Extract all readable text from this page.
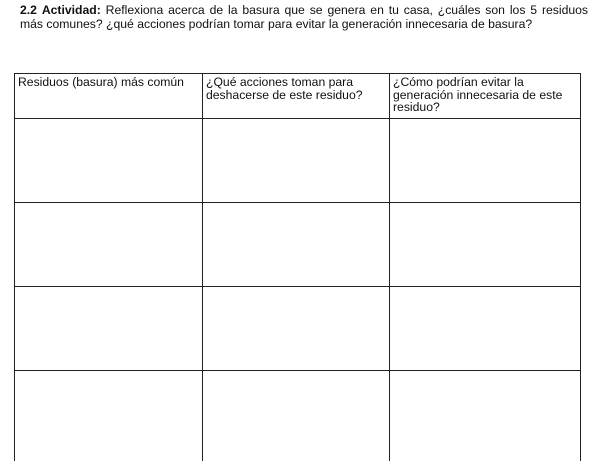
2.2 Actividad: Reflexiona acerca de la basura que se genera en tu casa, ¿cuáles son los 5 residuos más comunes? ¿qué acciones podrían tomar para evitar la generación innecesaria de basura?
Residuos (basura) más común	¿Qué acciones toman para deshacerse de este residuo?	¿Cómo podrían evitar la generación innecesaria de este residuo?
